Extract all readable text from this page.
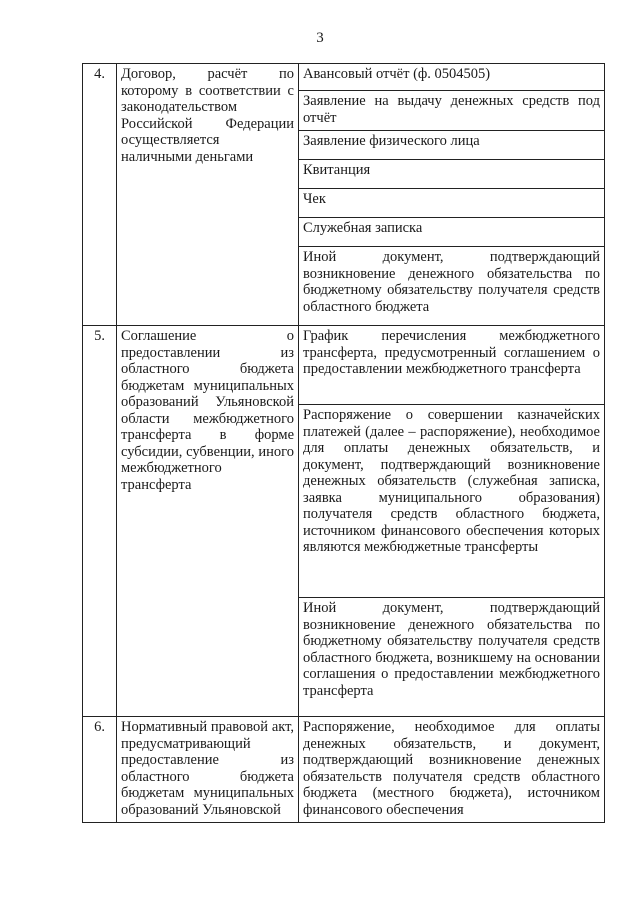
3
4.	Договор, расчёт по которому в соответствии с законодательством Российской Федерации осуществляется наличными деньгами	Авансовый отчёт (ф. 0504505)
		Заявление на выдачу денежных средств под отчёт
		Заявление физического лица
		Квитанция
		Чек
		Служебная записка
		Иной документ, подтверждающий возникновение денежного обязательства по бюджетному обязательству получателя средств областного бюджета
5.	Соглашение о предоставлении из областного бюджета бюджетам муниципальных образований Ульяновской области межбюджетного трансферта в форме субсидии, субвенции, иного межбюджетного трансферта	График перечисления межбюджетного трансферта, предусмотренный соглашением о предоставлении межбюджетного трансферта
		Распоряжение о совершении казначейских платежей (далее – распоряжение), необходимое для оплаты денежных обязательств, и документ, подтверждающий возникновение денежных обязательств (служебная записка, заявка муниципального образования) получателя средств областного бюджета, источником финансового обеспечения которых являются межбюджетные трансферты
		Иной документ, подтверждающий возникновение денежного обязательства по бюджетному обязательству получателя средств областного бюджета, возникшему на основании соглашения о предоставлении межбюджетного трансферта
6.	Нормативный правовой акт, предусматривающий предоставление из областного бюджета бюджетам муниципальных образований Ульяновской	Распоряжение, необходимое для оплаты денежных обязательств, и документ, подтверждающий возникновение денежных обязательств получателя средств областного бюджета (местного бюджета), источником финансового обеспечения
